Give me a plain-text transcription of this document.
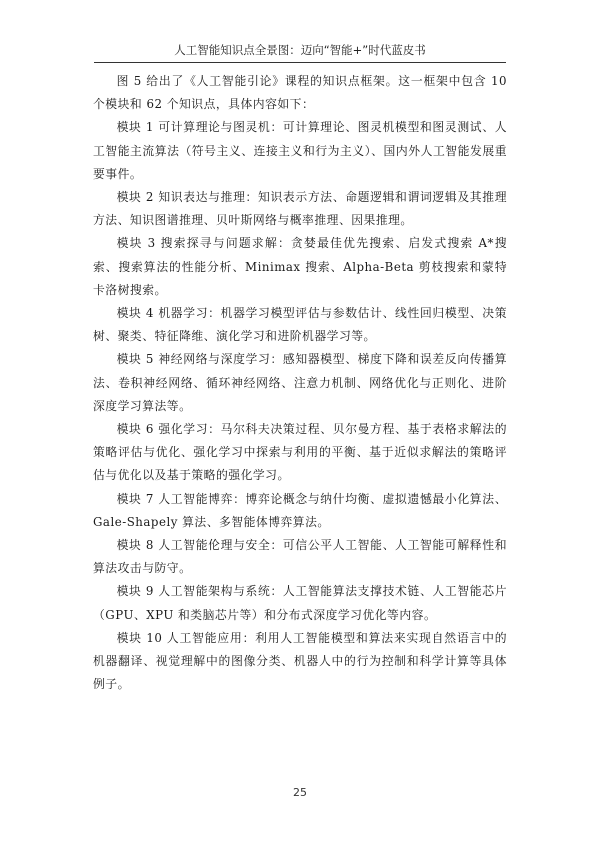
人工智能知识点全景图：迈向“智能+”时代蓝皮书

图 5 给出了《人工智能引论》课程的知识点框架。这一框架中包含 10 个模块和 62 个知识点，具体内容如下：

模块 1 可计算理论与图灵机：可计算理论、图灵机模型和图灵测试、人工智能主流算法（符号主义、连接主义和行为主义）、国内外人工智能发展重要事件。

模块 2 知识表达与推理：知识表示方法、命题逻辑和谓词逻辑及其推理方法、知识图谱推理、贝叶斯网络与概率推理、因果推理。

模块 3 搜索探寻与问题求解：贪婪最佳优先搜索、启发式搜索 A*搜索、搜索算法的性能分析、Minimax 搜索、Alpha-Beta 剪枝搜索和蒙特卡洛树搜索。

模块 4 机器学习：机器学习模型评估与参数估计、线性回归模型、决策树、聚类、特征降维、演化学习和进阶机器学习等。

模块 5 神经网络与深度学习：感知器模型、梯度下降和误差反向传播算法、卷积神经网络、循环神经网络、注意力机制、网络优化与正则化、进阶深度学习算法等。

模块 6 强化学习：马尔科夫决策过程、贝尔曼方程、基于表格求解法的策略评估与优化、强化学习中探索与利用的平衡、基于近似求解法的策略评估与优化以及基于策略的强化学习。

模块 7 人工智能博弈：博弈论概念与纳什均衡、虚拟遗憾最小化算法、Gale-Shapely 算法、多智能体博弈算法。

模块 8 人工智能伦理与安全：可信公平人工智能、人工智能可解释性和算法攻击与防守。

模块 9 人工智能架构与系统：人工智能算法支撑技术链、人工智能芯片（GPU、XPU 和类脑芯片等）和分布式深度学习优化等内容。

模块 10 人工智能应用：利用人工智能模型和算法来实现自然语言中的机器翻译、视觉理解中的图像分类、机器人中的行为控制和科学计算等具体例子。

25
